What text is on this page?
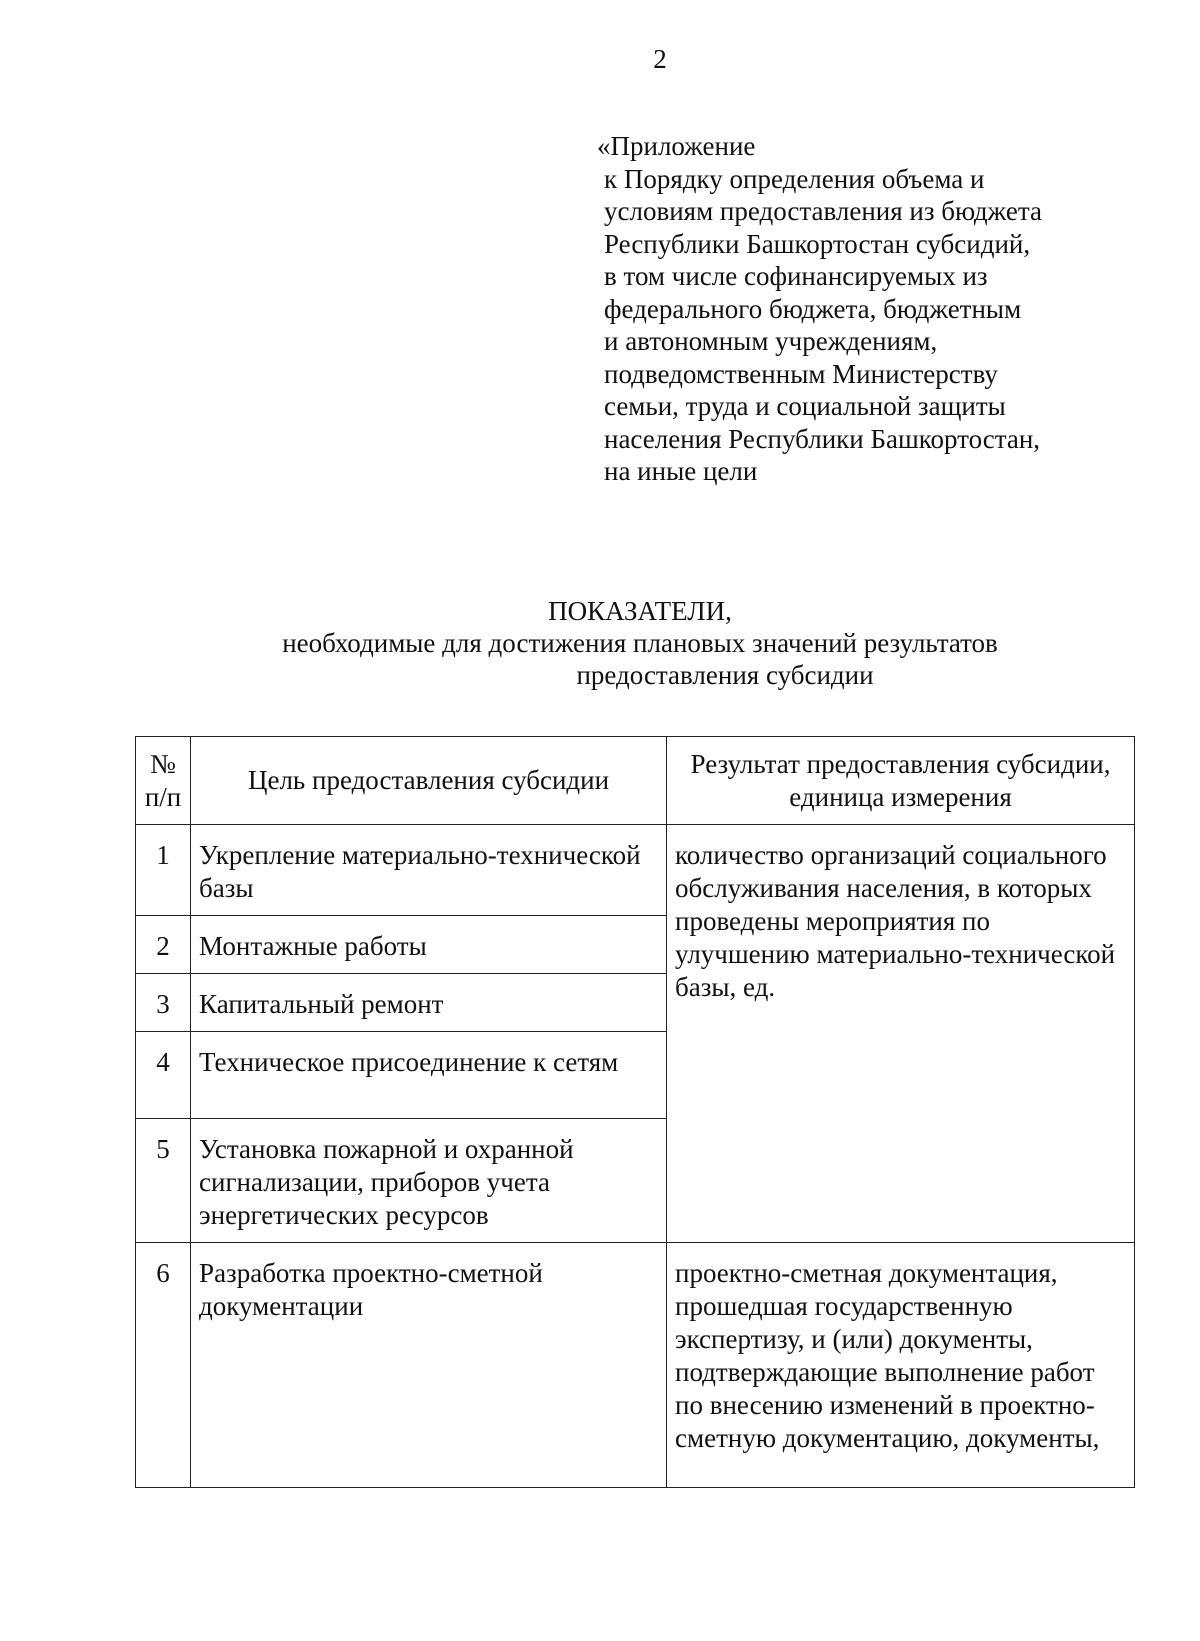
2
«Приложение
к Порядку определения объема и
условиям предоставления из бюджета
Республики Башкортостан субсидий,
в том числе софинансируемых из
федерального бюджета, бюджетным
и автономным учреждениям,
подведомственным Министерству
семьи, труда и социальной защиты
населения Республики Башкортостан,
на иные цели
ПОКАЗАТЕЛИ,
необходимые для достижения плановых значений результатов
предоставления субсидии
№ п/п	Цель предоставления субсидии	Результат предоставления субсидии, единица измерения
1	Укрепление материально-технической базы	количество организаций социального обслуживания населения, в которых проведены мероприятия по улучшению материально-технической базы, ед.
2	Монтажные работы	
3	Капитальный ремонт	
4	Техническое присоединение к сетям	
5	Установка пожарной и охранной сигнализации, приборов учета энергетических ресурсов	
6	Разработка проектно-сметной документации	проектно-сметная документация, прошедшая государственную экспертизу, и (или) документы, подтверждающие выполнение работ по внесению изменений в проектно-сметную документацию, документы,
